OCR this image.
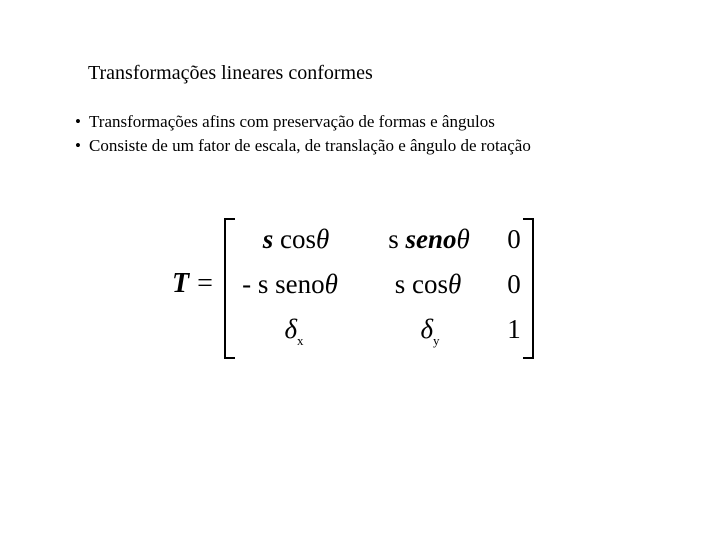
Transformações lineares conformes
• Transformações afins com preservação de formas e ângulos
• Consiste de um fator de escala, de translação e ângulo de rotação
T =
s cosθ s senoθ 0
- s senoθ s cosθ 0
$\delta_x$	$\delta_y$	1
